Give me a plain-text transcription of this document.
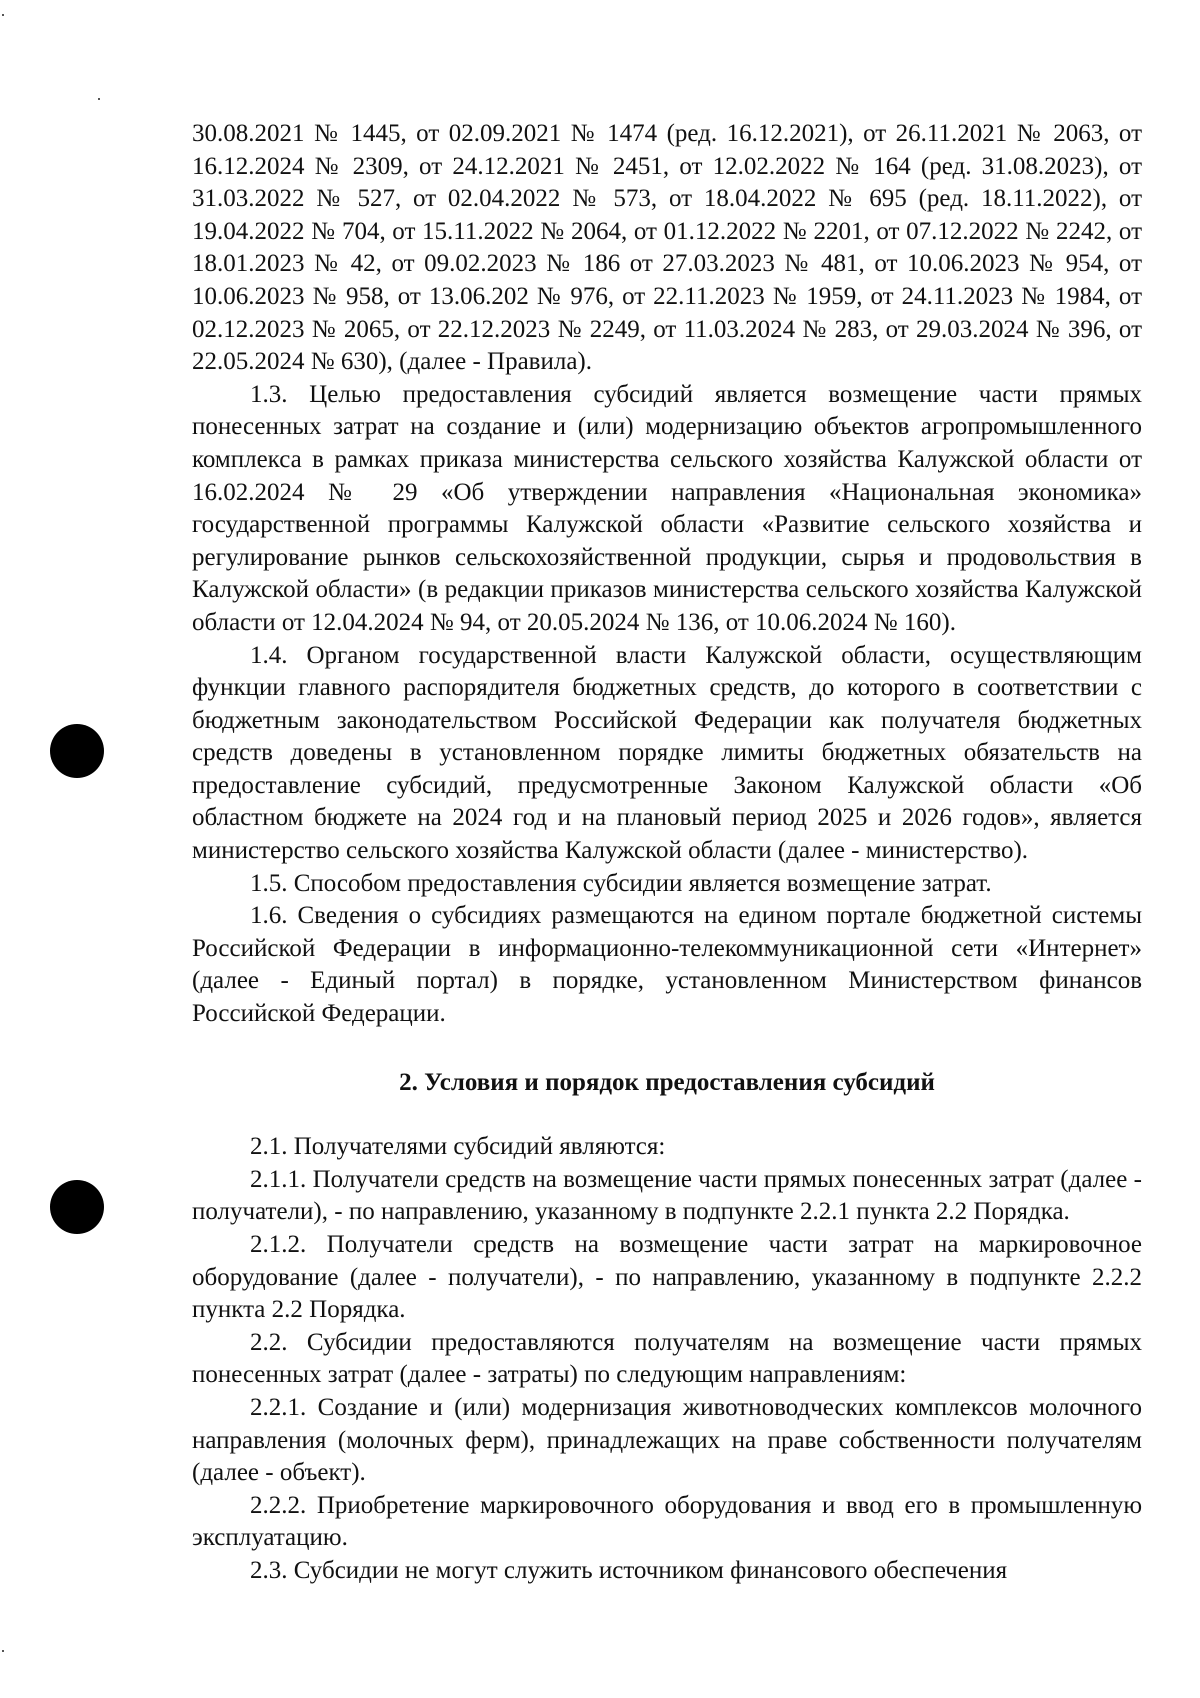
30.08.2021 № 1445, от 02.09.2021 № 1474 (ред. 16.12.2021), от 26.11.2021 № 2063, от 16.12.2024 № 2309, от 24.12.2021 № 2451, от 12.02.2022 № 164 (ред. 31.08.2023), от 31.03.2022 № 527, от 02.04.2022 № 573, от 18.04.2022 № 695 (ред. 18.11.2022), от 19.04.2022 № 704, от 15.11.2022 № 2064, от 01.12.2022 № 2201, от 07.12.2022 № 2242, от 18.01.2023 № 42, от 09.02.2023 № 186 от 27.03.2023 № 481, от 10.06.2023 № 954, от 10.06.2023 № 958, от 13.06.202 № 976, от 22.11.2023 № 1959, от 24.11.2023 № 1984, от 02.12.2023 № 2065, от 22.12.2023 № 2249, от 11.03.2024 № 283, от 29.03.2024 № 396, от 22.05.2024 № 630), (далее - Правила).

1.3. Целью предоставления субсидий является возмещение части прямых понесенных затрат на создание и (или) модернизацию объектов агропромышленного комплекса в рамках приказа министерства сельского хозяйства Калужской области от 16.02.2024 № 29 «Об утверждении направления «Национальная экономика» государственной программы Калужской области «Развитие сельского хозяйства и регулирование рынков сельскохозяйственной продукции, сырья и продовольствия в Калужской области» (в редакции приказов министерства сельского хозяйства Калужской области от 12.04.2024 № 94, от 20.05.2024 № 136, от 10.06.2024 № 160).

1.4. Органом государственной власти Калужской области, осуществляющим функции главного распорядителя бюджетных средств, до которого в соответствии с бюджетным законодательством Российской Федерации как получателя бюджетных средств доведены в установленном порядке лимиты бюджетных обязательств на предоставление субсидий, предусмотренные Законом Калужской области «Об областном бюджете на 2024 год и на плановый период 2025 и 2026 годов», является министерство сельского хозяйства Калужской области (далее - министерство).

1.5. Способом предоставления субсидии является возмещение затрат.

1.6. Сведения о субсидиях размещаются на едином портале бюджетной системы Российской Федерации в информационно-телекоммуникационной сети «Интернет» (далее - Единый портал) в порядке, установленном Министерством финансов Российской Федерации.

2. Условия и порядок предоставления субсидий

2.1. Получателями субсидий являются:

2.1.1. Получатели средств на возмещение части прямых понесенных затрат (далее - получатели), - по направлению, указанному в подпункте 2.2.1 пункта 2.2 Порядка.

2.1.2. Получатели средств на возмещение части затрат на маркировочное оборудование (далее - получатели), - по направлению, указанному в подпункте 2.2.2 пункта 2.2 Порядка.

2.2. Субсидии предоставляются получателям на возмещение части прямых понесенных затрат (далее - затраты) по следующим направлениям:

2.2.1. Создание и (или) модернизация животноводческих комплексов молочного направления (молочных ферм), принадлежащих на праве собственности получателям (далее - объект).

2.2.2. Приобретение маркировочного оборудования и ввод его в промышленную эксплуатацию.

2.3. Субсидии не могут служить источником финансового обеспечения
